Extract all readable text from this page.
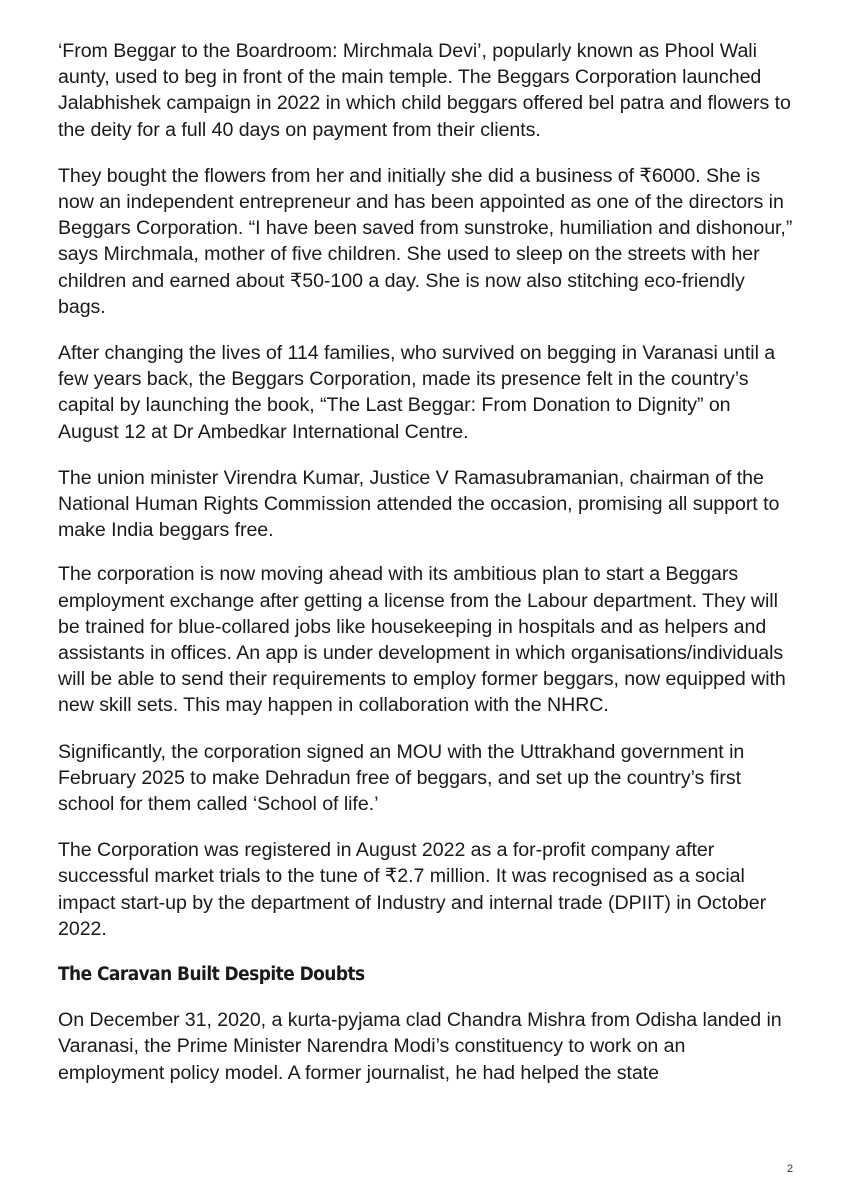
‘From Beggar to the Boardroom: Mirchmala Devi’, popularly known as Phool Wali aunty, used to beg in front of the main temple. The Beggars Corporation launched Jalabhishek campaign in 2022 in which child beggars offered bel patra and flowers to the deity for a full 40 days on payment from their clients.

They bought the flowers from her and initially she did a business of ₹6000. She is now an independent entrepreneur and has been appointed as one of the directors in Beggars Corporation. “I have been saved from sunstroke, humiliation and dishonour,” says Mirchmala, mother of five children. She used to sleep on the streets with her children and earned about ₹50-100 a day. She is now also stitching eco-friendly bags.

After changing the lives of 114 families, who survived on begging in Varanasi until a few years back, the Beggars Corporation, made its presence felt in the country’s capital by launching the book, “The Last Beggar: From Donation to Dignity” on August 12 at Dr Ambedkar International Centre.

The union minister Virendra Kumar, Justice V Ramasubramanian, chairman of the National Human Rights Commission attended the occasion, promising all support to make India beggars free.

The corporation is now moving ahead with its ambitious plan to start a Beggars employment exchange after getting a license from the Labour department. They will be trained for blue-collared jobs like housekeeping in hospitals and as helpers and assistants in offices. An app is under development in which organisations/individuals will be able to send their requirements to employ former beggars, now equipped with new skill sets. This may happen in collaboration with the NHRC.

Significantly, the corporation signed an MOU with the Uttrakhand government in February 2025 to make Dehradun free of beggars, and set up the country’s first school for them called ‘School of life.’

The Corporation was registered in August 2022 as a for-profit company after successful market trials to the tune of ₹2.7 million. It was recognised as a social impact start-up by the department of Industry and internal trade (DPIIT) in October 2022.

The Caravan Built Despite Doubts

On December 31, 2020, a kurta-pyjama clad Chandra Mishra from Odisha landed in Varanasi, the Prime Minister Narendra Modi’s constituency to work on an employment policy model. A former journalist, he had helped the state

2
